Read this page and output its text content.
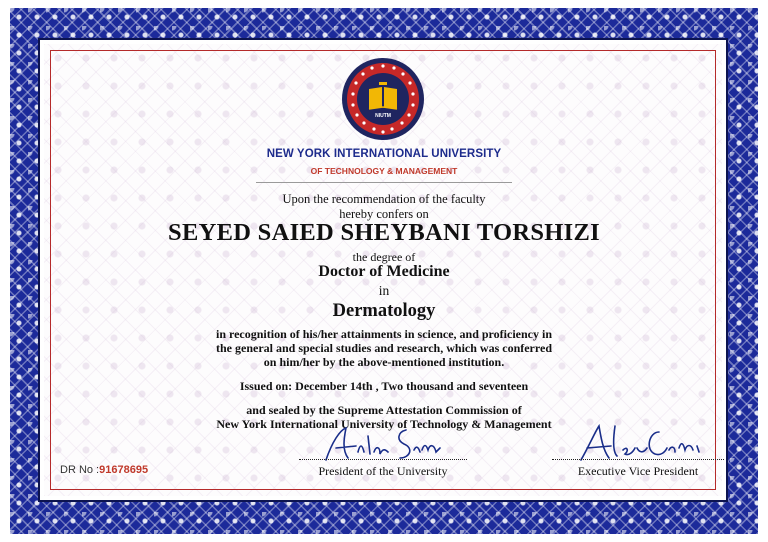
NIUTM
NEW YORK INTERNATIONAL UNIVERSITY
OF TECHNOLOGY & MANAGEMENT
Upon the recommendation of the faculty
hereby confers on
SEYED SAIED SHEYBANI TORSHIZI
the degree of
Doctor of Medicine
in
Dermatology
in recognition of his/her attainments in science, and proficiency in
the general and special studies and research, which was conferred
on him/her by the above-mentioned institution.
Issued on: December 14th , Two thousand and seventeen
and sealed by the Supreme Attestation Commission of
New York International University of Technology & Management
DR No :91678695	President of the University	Executive Vice President
